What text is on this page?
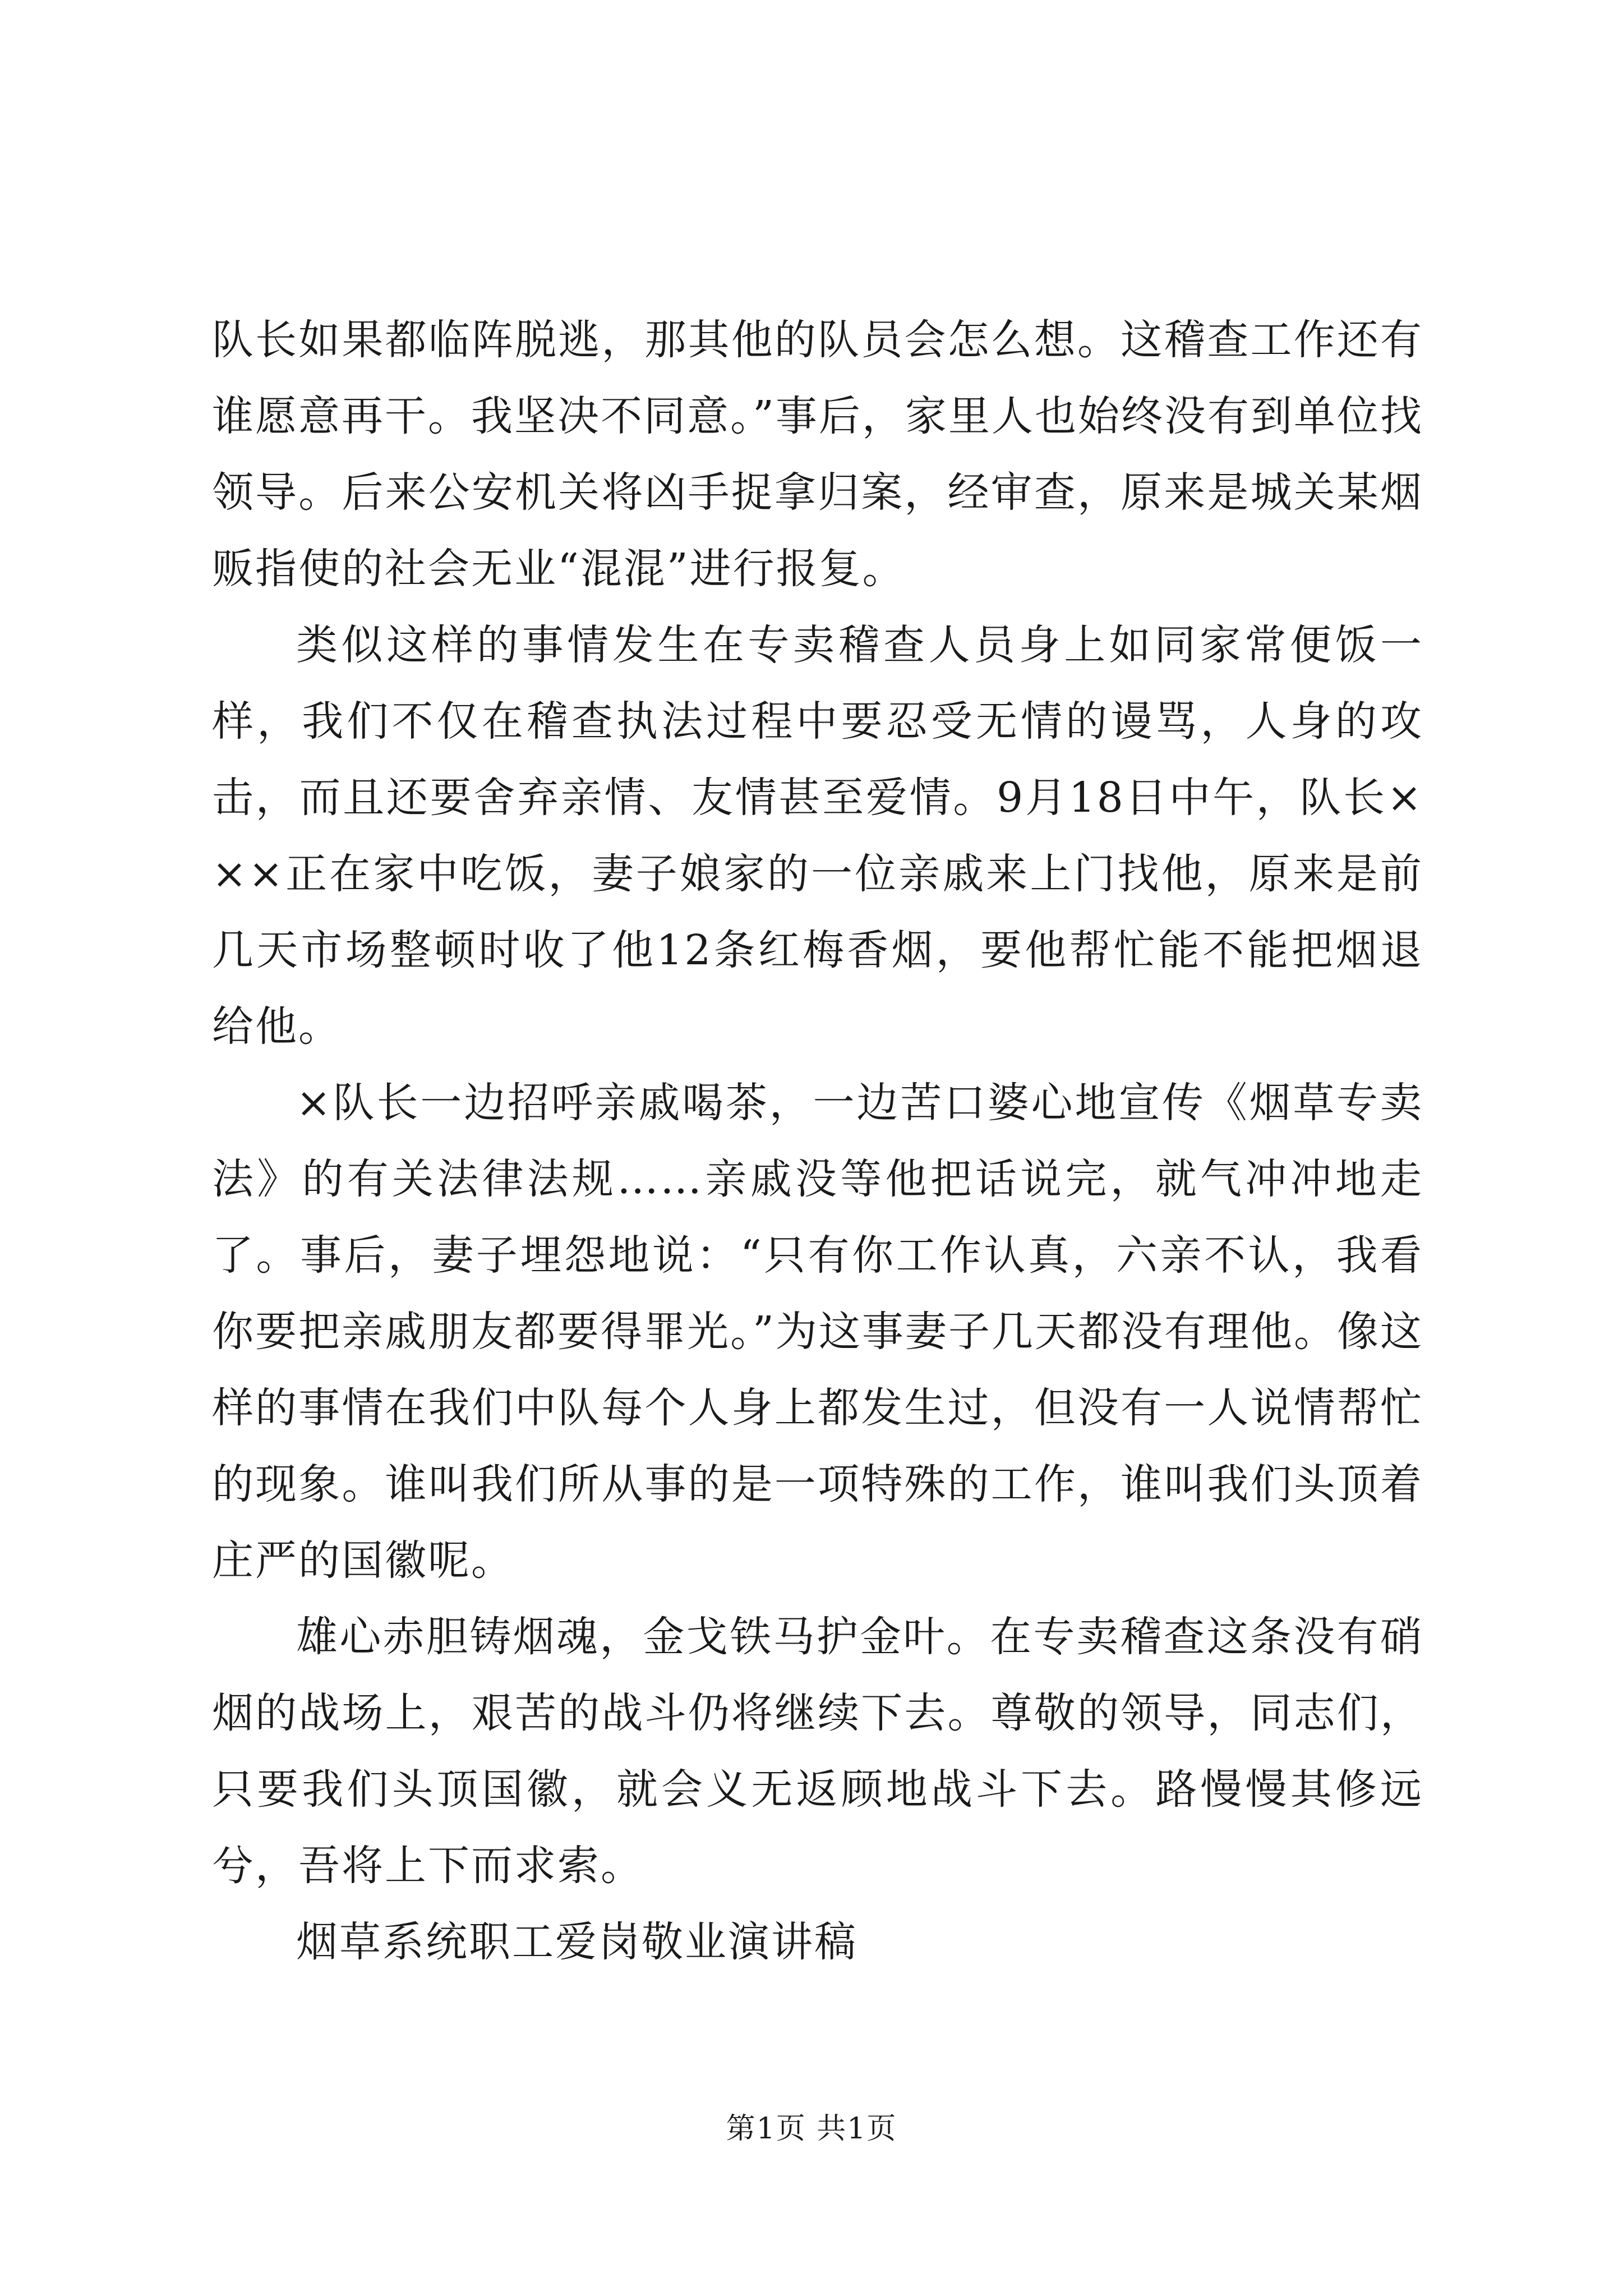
队长如果都临阵脱逃，那其他的队员会怎么想。这稽查工作还有谁愿意再干。我坚决不同意。”事后，家里人也始终没有到单位找领导。后来公安机关将凶手捉拿归案，经审查，原来是城关某烟贩指使的社会无业“混混”进行报复。

类似这样的事情发生在专卖稽查人员身上如同家常便饭一样，我们不仅在稽查执法过程中要忍受无情的谩骂，人身的攻击，而且还要舍弃亲情、友情甚至爱情。9月18日中午，队长×××正在家中吃饭，妻子娘家的一位亲戚来上门找他，原来是前几天市场整顿时收了他12条红梅香烟，要他帮忙能不能把烟退给他。

×队长一边招呼亲戚喝茶，一边苦口婆心地宣传《烟草专卖法》的有关法律法规……亲戚没等他把话说完，就气冲冲地走了。事后，妻子埋怨地说：“只有你工作认真，六亲不认，我看你要把亲戚朋友都要得罪光。”为这事妻子几天都没有理他。像这样的事情在我们中队每个人身上都发生过，但没有一人说情帮忙的现象。谁叫我们所从事的是一项特殊的工作，谁叫我们头顶着庄严的国徽呢。

雄心赤胆铸烟魂，金戈铁马护金叶。在专卖稽查这条没有硝烟的战场上，艰苦的战斗仍将继续下去。尊敬的领导，同志们，只要我们头顶国徽，就会义无返顾地战斗下去。路慢慢其修远兮，吾将上下而求索。

烟草系统职工爱岗敬业演讲稿

第1页 共1页
